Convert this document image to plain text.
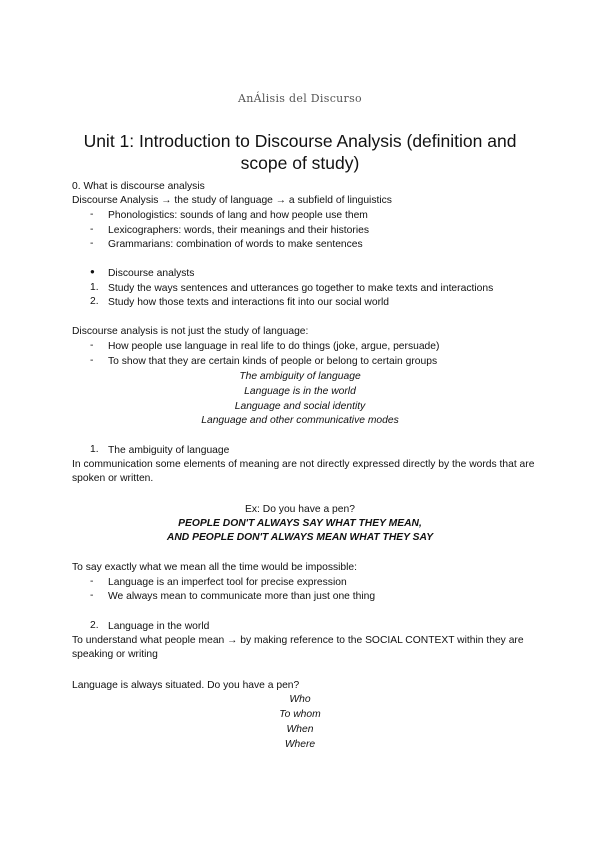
AnÁlisis del Discurso
Unit 1: Introduction to Discourse Analysis (definition and scope of study)
0. What is discourse analysis
Discourse Analysis → the study of language → a subfield of linguistics
-	Phonologistics: sounds of lang and how people use them
-	Lexicographers: words, their meanings and their histories
-	Grammarians: combination of words to make sentences
●	Discourse analysts
1. Study the ways sentences and utterances go together to make texts and interactions
2. Study how those texts and interactions fit into our social world
Discourse analysis is not just the study of language:
-	How people use language in real life to do things (joke, argue, persuade)
-	To show that they are certain kinds of people or belong to certain groups
The ambiguity of language
Language is in the world
Language and social identity
Language and other communicative modes
1. The ambiguity of language
In communication some elements of meaning are not directly expressed directly by the words that are spoken or written.
Ex: Do you have a pen?
PEOPLE DON'T ALWAYS SAY WHAT THEY MEAN,
AND PEOPLE DON'T ALWAYS MEAN WHAT THEY SAY
To say exactly what we mean all the time would be impossible:
-	Language is an imperfect tool for precise expression
-	We always mean to communicate more than just one thing
2. Language in the world
To understand what people mean → by making reference to the SOCIAL CONTEXT within they are speaking or writing
Language is always situated. Do you have a pen?
Who
To whom
When
Where
